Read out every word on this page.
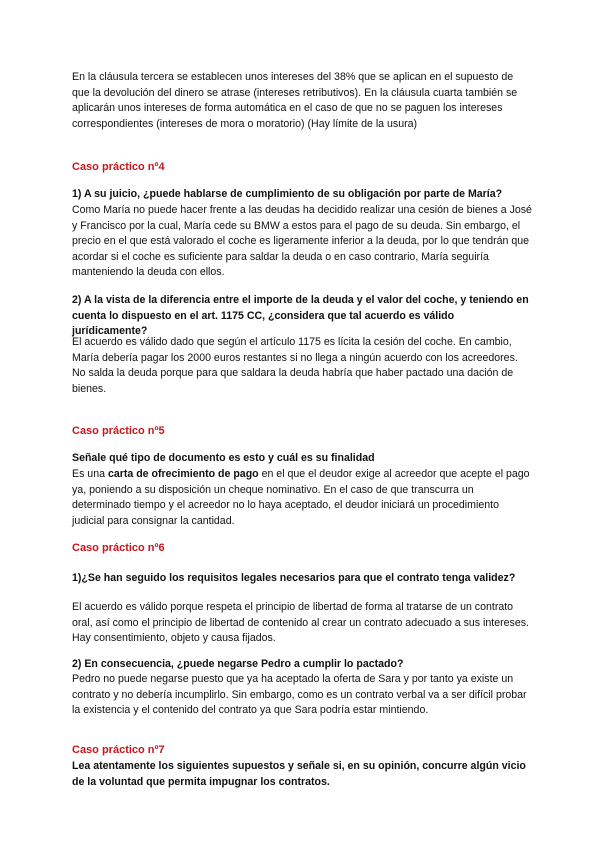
En la cláusula tercera se establecen unos intereses del 38% que se aplican en el supuesto de que la devolución del dinero se atrase (intereses retributivos). En la cláusula cuarta también se aplicarán unos intereses de forma automática en el caso de que no se paguen los intereses correspondientes (intereses de mora o moratorio) (Hay límite de la usura)

Caso práctico nº4

1) A su juicio, ¿puede hablarse de cumplimiento de su obligación por parte de María?

Como María no puede hacer frente a las deudas ha decidido realizar una cesión de bienes a José y Francisco por la cual, María cede su BMW a estos para el pago de su deuda. Sin embargo, el precio en el que está valorado el coche es ligeramente inferior a la deuda, por lo que tendrán que acordar si el coche es suficiente para saldar la deuda o en caso contrario, María seguiría manteniendo la deuda con ellos.

2) A la vista de la diferencia entre el importe de la deuda y el valor del coche, y teniendo en cuenta lo dispuesto en el art. 1175 CC, ¿considera que tal acuerdo es válido jurídicamente?

El acuerdo es válido dado que según el artículo 1175 es lícita la cesión del coche. En cambio, María debería pagar los 2000 euros restantes si no llega a ningún acuerdo con los acreedores. No salda la deuda porque para que saldara la deuda habría que haber pactado una dación de bienes.

Caso práctico nº5

Señale qué tipo de documento es esto y cuál es su finalidad

Es una carta de ofrecimiento de pago en el que el deudor exige al acreedor que acepte el pago ya, poniendo a su disposición un cheque nominativo. En el caso de que transcurra un determinado tiempo y el acreedor no lo haya aceptado, el deudor iniciará un procedimiento judicial para consignar la cantidad.

Caso práctico nº6

1)¿Se han seguido los requisitos legales necesarios para que el contrato tenga validez?

El acuerdo es válido porque respeta el principio de libertad de forma al tratarse de un contrato oral, así como el principio de libertad de contenido al crear un contrato adecuado a sus intereses. Hay consentimiento, objeto y causa fijados.

2) En consecuencia, ¿puede negarse Pedro a cumplir lo pactado?

Pedro no puede negarse puesto que ya ha aceptado la oferta de Sara y por tanto ya existe un contrato y no debería incumplirlo. Sin embargo, como es un contrato verbal va a ser difícil probar la existencia y el contenido del contrato ya que Sara podría estar mintiendo.

Caso práctico nº7

Lea atentamente los siguientes supuestos y señale si, en su opinión, concurre algún vicio de la voluntad que permita impugnar los contratos.
